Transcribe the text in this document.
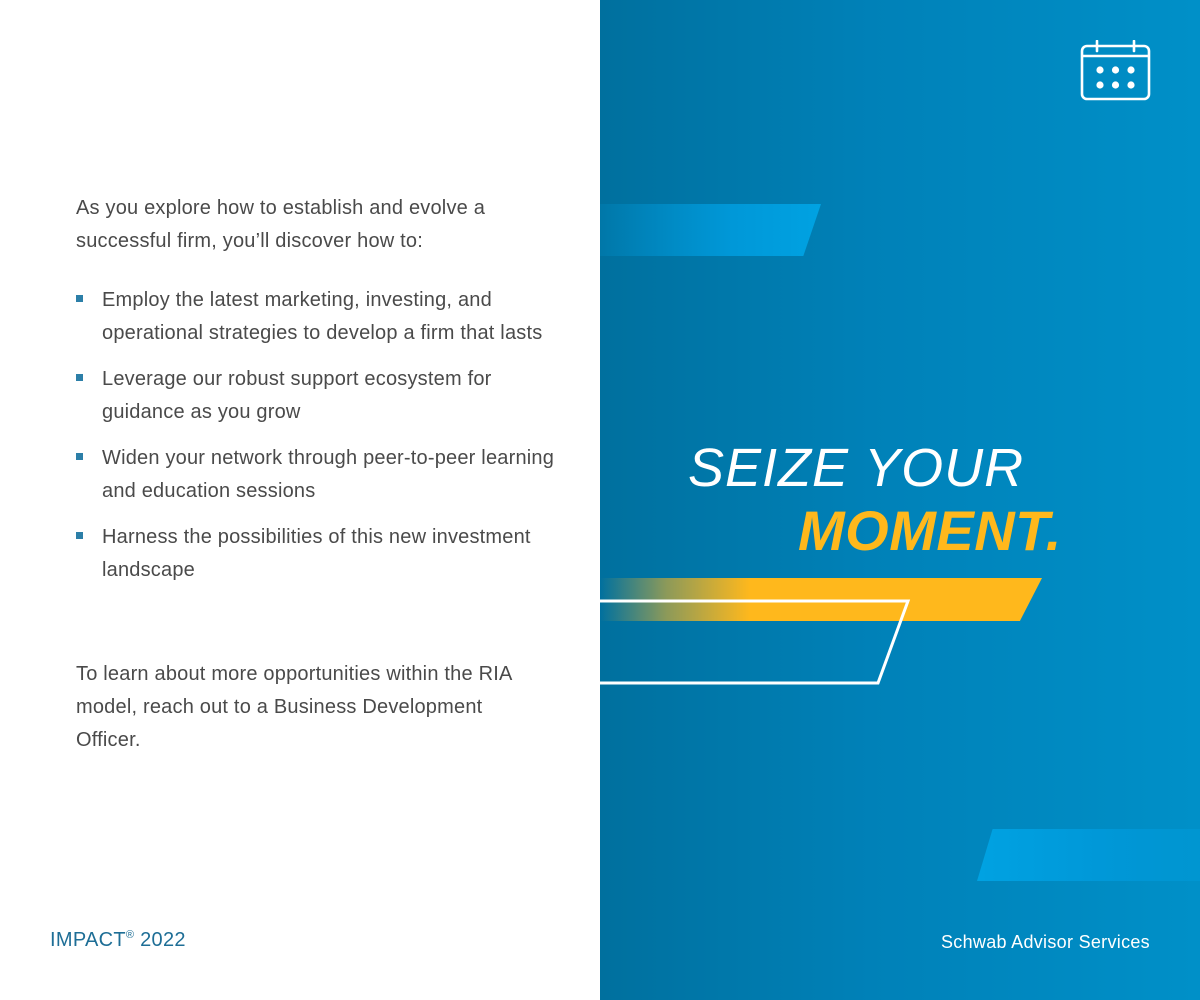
As you explore how to establish and evolve a successful firm, you’ll discover how to:

Employ the latest marketing, investing, and operational strategies to develop a firm that lasts
Leverage our robust support ecosystem for guidance as you grow
Widen your network through peer-to-peer learning and education sessions
Harness the possibilities of this new investment landscape

To learn about more opportunities within the RIA model, reach out to a Business Development Officer.

IMPACT® 2022
SEIZE YOUR
MOMENT.
Schwab Advisor Services
